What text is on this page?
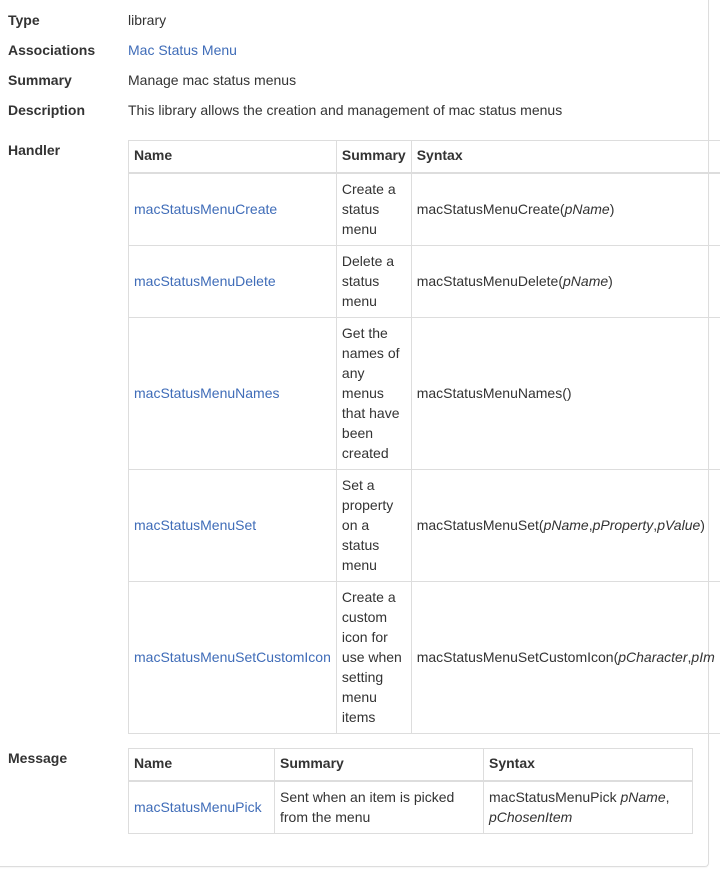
Type	library
Associations Mac Status Menu
Summary	Manage mac status menus
Description	This library allows the creation and management of mac status menus
Handler	Name	Summary	Syntax
macStatusMenuCreate	Create a status menu	macStatusMenuCreate(pName)
macStatusMenuDelete	Delete a status menu	macStatusMenuDelete(pName)
macStatusMenuNames	Get the names of any menus that have been created	macStatusMenuNames()
macStatusMenuSet	Set a property on a status menu	macStatusMenuSet(pName,pProperty,pValue)
macStatusMenuSetCustomIcon	Create a custom icon for use when setting menu items	macStatusMenuSetCustomIcon(pCharacter,pIm
Message	Name	Summary	Syntax
macStatusMenuPick	Sent when an item is picked from the menu	macStatusMenuPick pName, pChosenItem
